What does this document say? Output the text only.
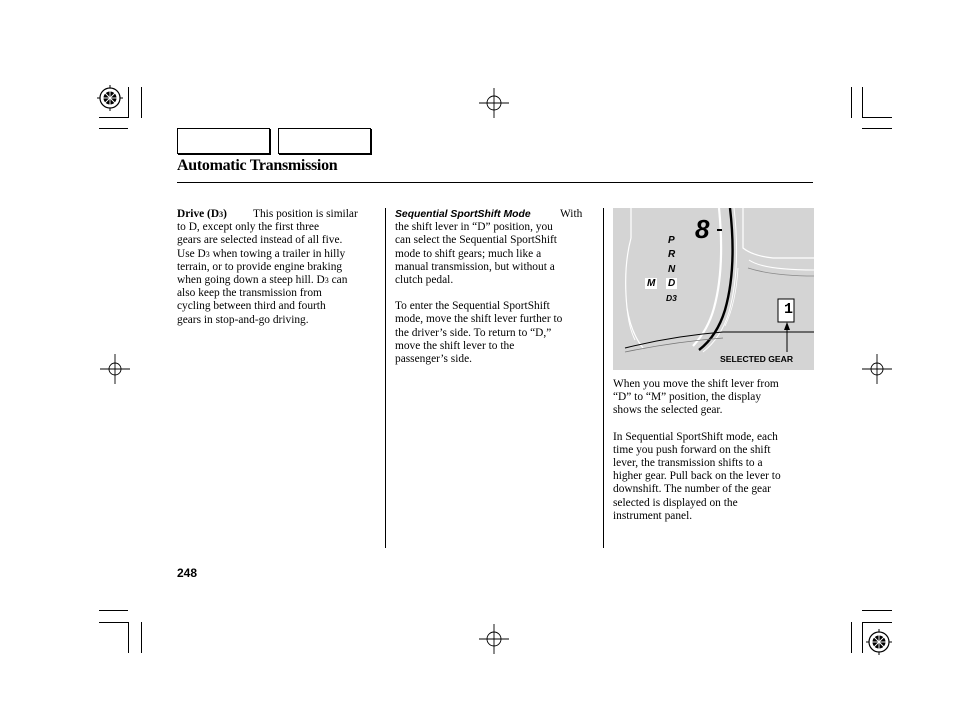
Automatic Transmission
Drive (D3) This position is similar
to D, except only the first three
gears are selected instead of all five.
Use D3 when towing a trailer in hilly
terrain, or to provide engine braking
when going down a steep hill. D3 can
also keep the transmission from
cycling between third and fourth
gears in stop-and-go driving.

Sequential SportShift Mode	With
the shift lever in “D” position, you
can select the Sequential SportShift
mode to shift gears; much like a
manual transmission, but without a
clutch pedal.

To enter the Sequential SportShift
mode, move the shift lever further to
the driver’s side. To return to “D,”
move the shift lever to the
passenger’s side.

P
R
N
D
D3
M
8
1
SELECTED GEAR

When you move the shift lever from
“D” to “M” position, the display
shows the selected gear.

In Sequential SportShift mode, each
time you push forward on the shift
lever, the transmission shifts to a
higher gear. Pull back on the lever to
downshift. The number of the gear
selected is displayed on the
instrument panel.

248
